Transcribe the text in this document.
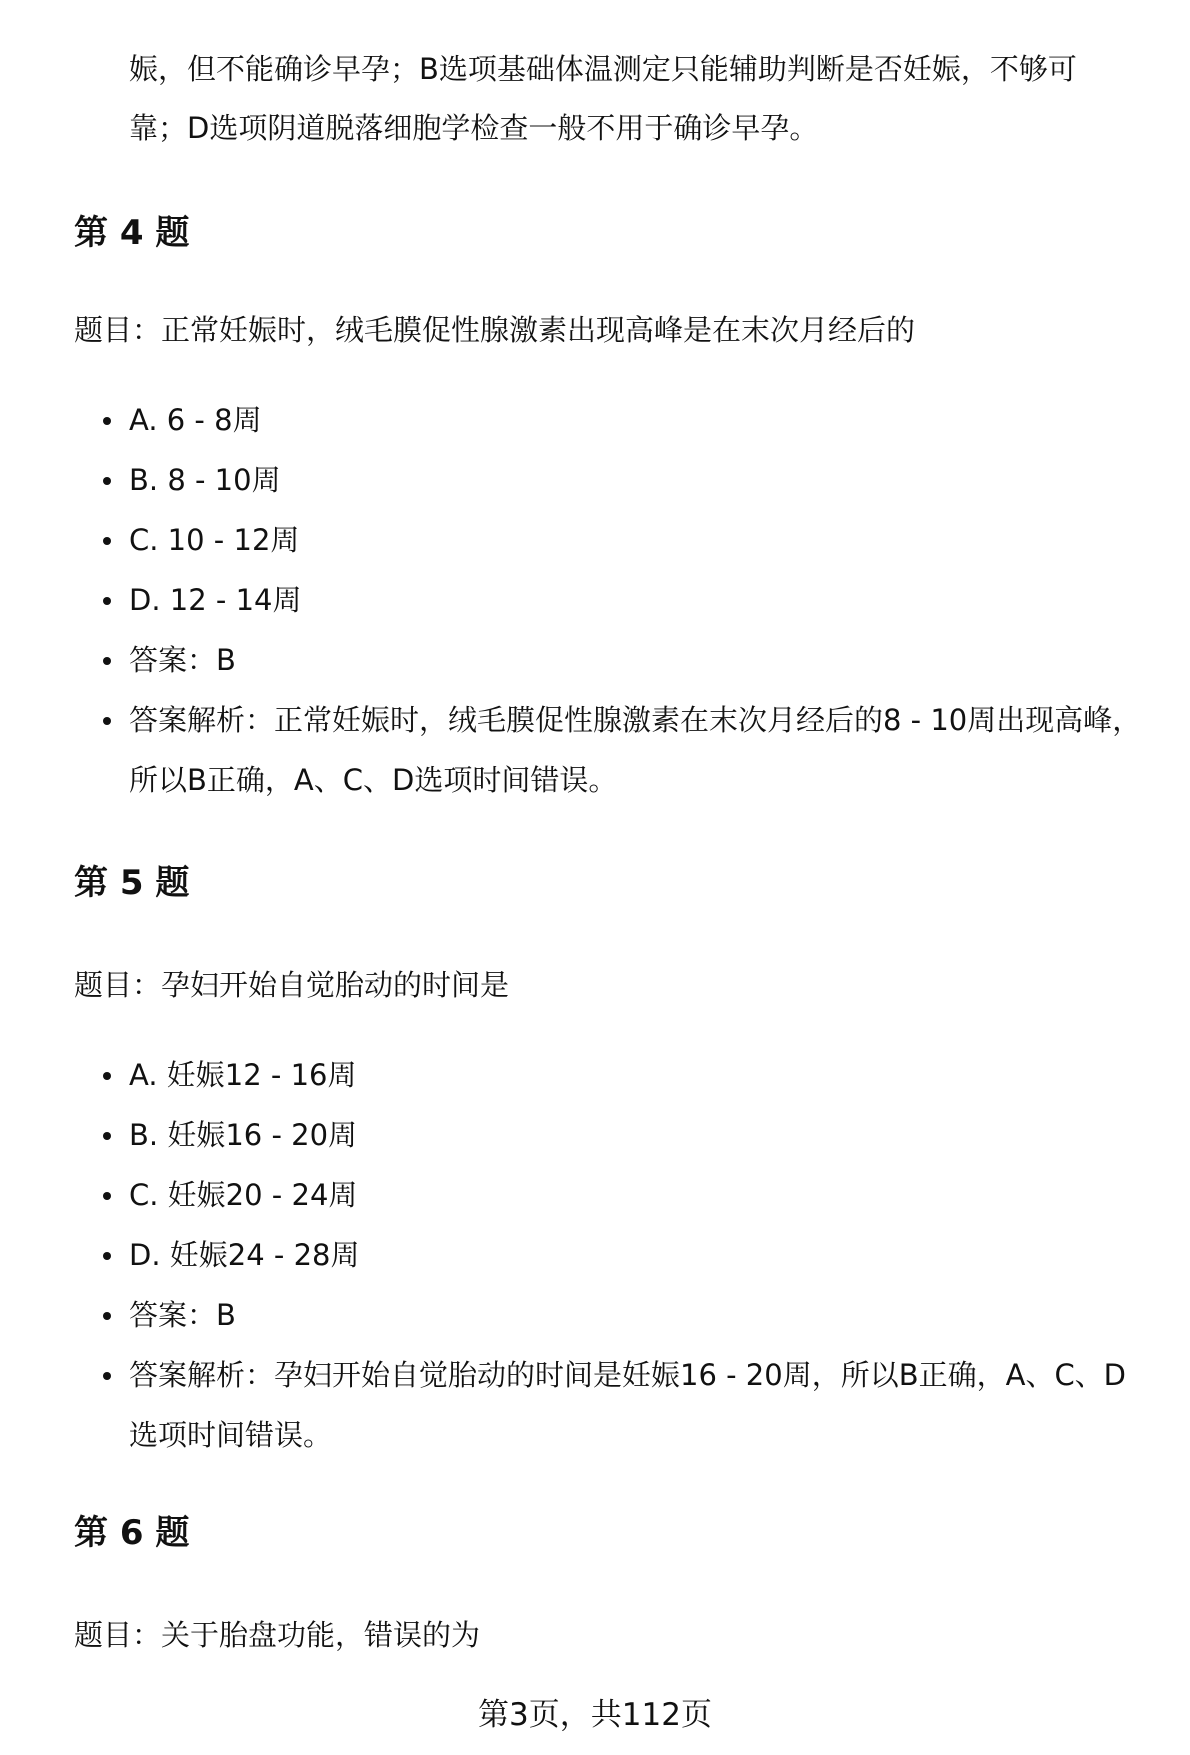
娠，但不能确诊早孕；B选项基础体温测定只能辅助判断是否妊娠，不够可
靠；D选项阴道脱落细胞学检查一般不用于确诊早孕。
第 4 题

题目：正常妊娠时，绒毛膜促性腺激素出现高峰是在末次月经后的

A. 6 - 8周
B. 8 - 10周
C. 10 - 12周
D. 12 - 14周
答案：B
答案解析：正常妊娠时，绒毛膜促性腺激素在末次月经后的8 - 10周出现高峰，
所以B正确，A、C、D选项时间错误。
第 5 题

题目：孕妇开始自觉胎动的时间是

A. 妊娠12 - 16周
B. 妊娠16 - 20周
C. 妊娠20 - 24周
D. 妊娠24 - 28周
答案：B
答案解析：孕妇开始自觉胎动的时间是妊娠16 - 20周，所以B正确，A、C、D
选项时间错误。
第 6 题

题目：关于胎盘功能，错误的为

第3页，共112页
